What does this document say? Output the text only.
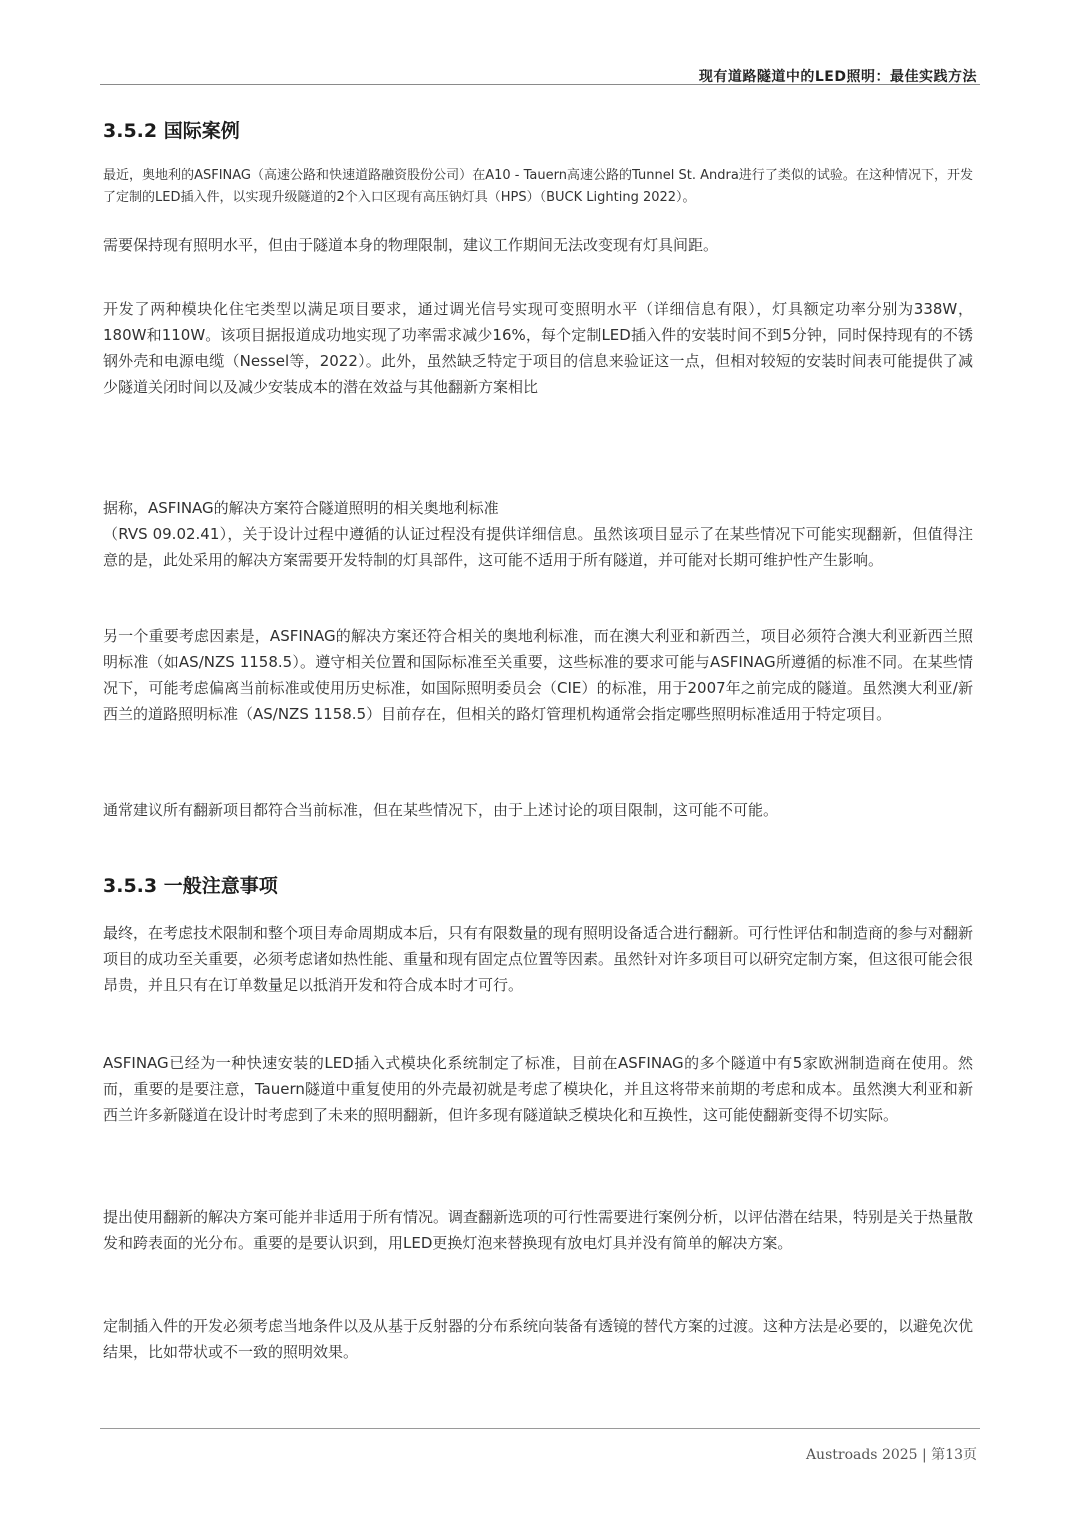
现有道路隧道中的LED照明：最佳实践方法
3.5.2 国际案例

最近，奥地利的ASFINAG（高速公路和快速道路融资股份公司）在A10 - Tauern高速公路的Tunnel St. Andra进行了类似的试验。在这种情况下，开发了定制的LED插入件，以实现升级隧道的2个入口区现有高压钠灯具（HPS）（BUCK Lighting 2022）。

需要保持现有照明水平，但由于隧道本身的物理限制，建议工作期间无法改变现有灯具间距。

开发了两种模块化住宅类型以满足项目要求，通过调光信号实现可变照明水平（详细信息有限），灯具额定功率分别为338W，180W和110W。该项目据报道成功地实现了功率需求减少16%，每个定制LED插入件的安装时间不到5分钟，同时保持现有的不锈钢外壳和电源电缆（Nessel等，2022）。此外，虽然缺乏特定于项目的信息来验证这一点，但相对较短的安装时间表可能提供了减少隧道关闭时间以及减少安装成本的潜在效益与其他翻新方案相比

据称，ASFINAG的解决方案符合隧道照明的相关奥地利标准
（RVS 09.02.41），关于设计过程中遵循的认证过程没有提供详细信息。虽然该项目显示了在某些情况下可能实现翻新，但值得注意的是，此处采用的解决方案需要开发特制的灯具部件，这可能不适用于所有隧道，并可能对长期可维护性产生影响。

另一个重要考虑因素是，ASFINAG的解决方案还符合相关的奥地利标准，而在澳大利亚和新西兰，项目必须符合澳大利亚新西兰照明标准（如AS/NZS 1158.5）。遵守相关位置和国际标准至关重要，这些标准的要求可能与ASFINAG所遵循的标准不同。在某些情况下，可能考虑偏离当前标准或使用历史标准，如国际照明委员会（CIE）的标准，用于2007年之前完成的隧道。虽然澳大利亚/新西兰的道路照明标准（AS/NZS 1158.5）目前存在，但相关的路灯管理机构通常会指定哪些照明标准适用于特定项目。

通常建议所有翻新项目都符合当前标准，但在某些情况下，由于上述讨论的项目限制，这可能不可能。

3.5.3 一般注意事项

最终，在考虑技术限制和整个项目寿命周期成本后，只有有限数量的现有照明设备适合进行翻新。可行性评估和制造商的参与对翻新项目的成功至关重要，必须考虑诸如热性能、重量和现有固定点位置等因素。虽然针对许多项目可以研究定制方案，但这很可能会很昂贵，并且只有在订单数量足以抵消开发和符合成本时才可行。

ASFINAG已经为一种快速安装的LED插入式模块化系统制定了标准，目前在ASFINAG的多个隧道中有5家欧洲制造商在使用。然而，重要的是要注意，Tauern隧道中重复使用的外壳最初就是考虑了模块化，并且这将带来前期的考虑和成本。虽然澳大利亚和新西兰许多新隧道在设计时考虑到了未来的照明翻新，但许多现有隧道缺乏模块化和互换性，这可能使翻新变得不切实际。

提出使用翻新的解决方案可能并非适用于所有情况。调查翻新选项的可行性需要进行案例分析，以评估潜在结果，特别是关于热量散发和跨表面的光分布。重要的是要认识到，用LED更换灯泡来替换现有放电灯具并没有简单的解决方案。

定制插入件的开发必须考虑当地条件以及从基于反射器的分布系统向装备有透镜的替代方案的过渡。这种方法是必要的，以避免次优结果，比如带状或不一致的照明效果。

Austroads 2025 | 第13页
